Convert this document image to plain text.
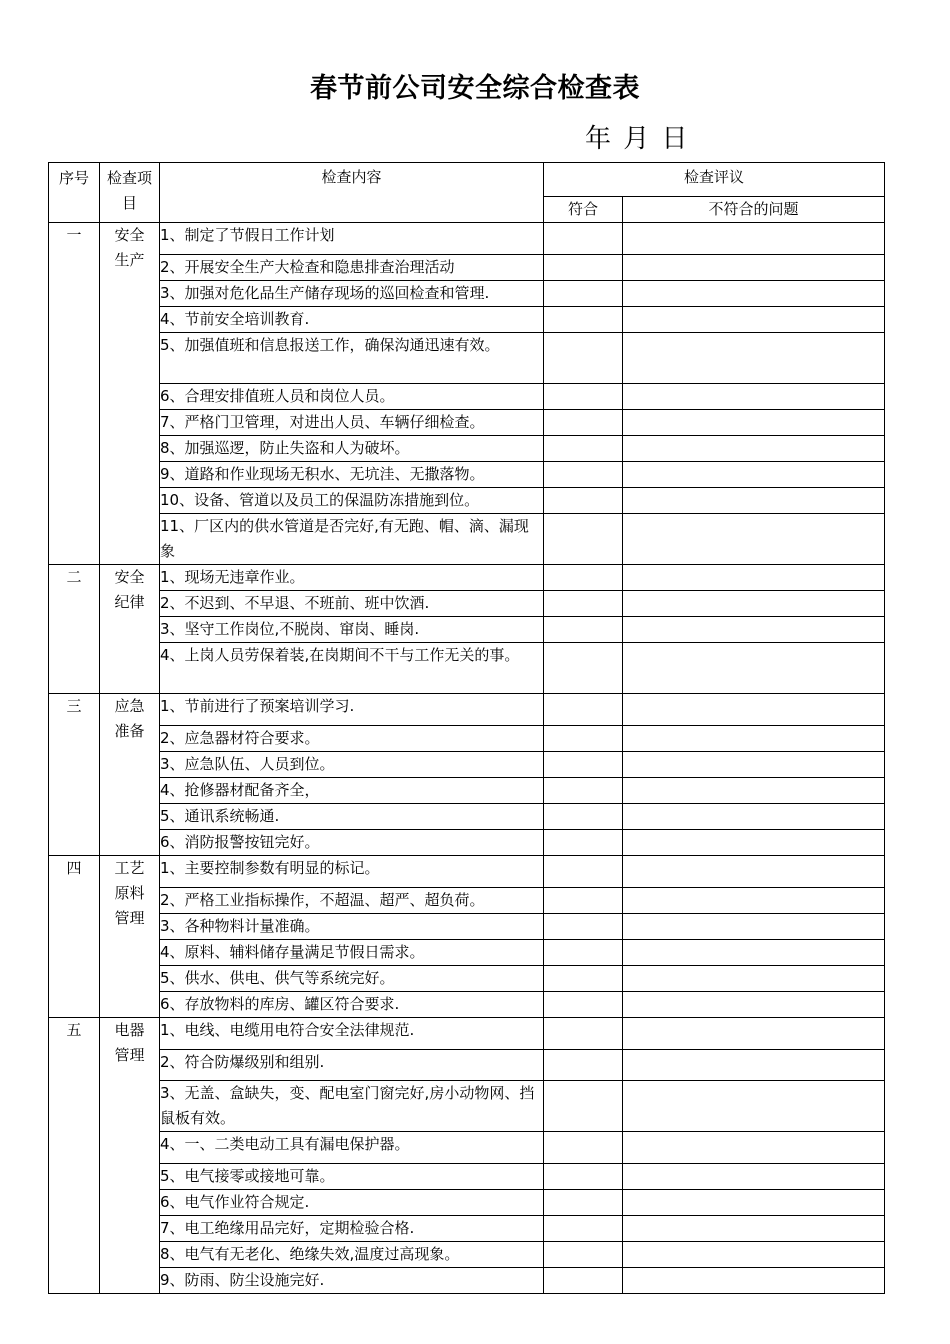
春节前公司安全综合检查表
年 月 日
序号	检查项目	检查内容	检查评议	
			符合	不符合的问题
一	安全生产	1、制定了节假日工作计划		
		2、开展安全生产大检查和隐患排查治理活动		
		3、加强对危化品生产储存现场的巡回检查和管理.		
		4、节前安全培训教育.		
		5、加强值班和信息报送工作，确保沟通迅速有效。		
		6、合理安排值班人员和岗位人员。		
		7、严格门卫管理，对进出人员、车辆仔细检查。		
		8、加强巡逻，防止失盗和人为破坏。		
		9、道路和作业现场无积水、无坑洼、无撒落物。		
		10、设备、管道以及员工的保温防冻措施到位。		
		11、厂区内的供水管道是否完好,有无跑、帽、滴、漏现象		
二	安全纪律	1、现场无违章作业。		
		2、不迟到、不早退、不班前、班中饮酒.		
		3、坚守工作岗位,不脱岗、窜岗、睡岗.		
		4、上岗人员劳保着装,在岗期间不干与工作无关的事。		
三	应急准备	1、节前进行了预案培训学习.		
		2、应急器材符合要求。		
		3、应急队伍、人员到位。		
		4、抢修器材配备齐全，		
		5、通讯系统畅通.		
		6、消防报警按钮完好。		
四	工艺原料管理	1、主要控制参数有明显的标记。		
		2、严格工业指标操作，不超温、超严、超负荷。		
		3、各种物料计量准确。		
		4、原料、辅料储存量满足节假日需求。		
		5、供水、供电、供气等系统完好。		
		6、存放物料的库房、罐区符合要求.		
五	电器管理	1、电线、电缆用电符合安全法律规范.		
		2、符合防爆级别和组别.		
		3、无盖、盒缺失，变、配电室门窗完好,房小动物网、挡鼠板有效。		
		4、一、二类电动工具有漏电保护器。		
		5、电气接零或接地可靠。		
		6、电气作业符合规定.		
		7、电工绝缘用品完好，定期检验合格.		
		8、电气有无老化、绝缘失效,温度过高现象。		
		9、防雨、防尘设施完好.		
